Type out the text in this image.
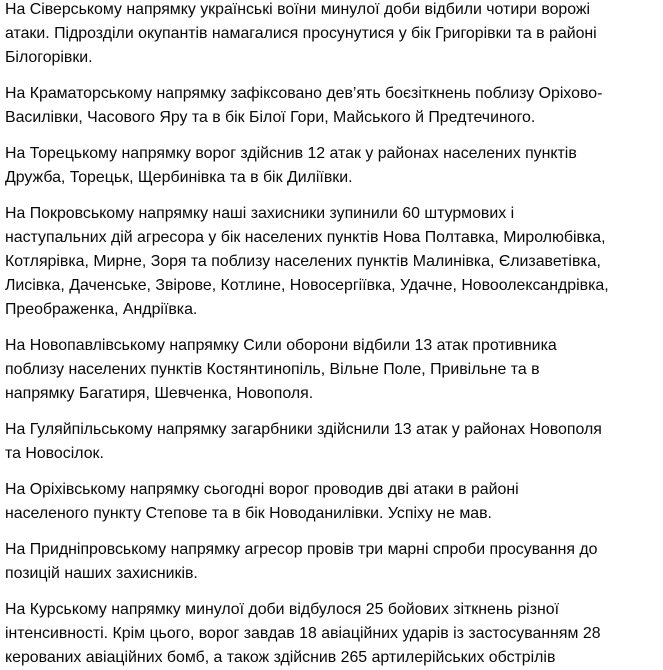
На Сіверському напрямку українські воїни минулої доби відбили чотири ворожі
атаки. Підрозділи окупантів намагалися просунутися у бік Григорівки та в районі
Білогорівки.

На Краматорському напрямку зафіксовано дев’ять боєзіткнень поблизу Оріхово-
Василівки, Часового Яру та в бік Білої Гори, Майського й Предтечиного.

На Торецькому напрямку ворог здійснив 12 атак у районах населених пунктів
Дружба, Торецьк, Щербинівка та в бік Диліївки.

На Покровському напрямку наші захисники зупинили 60 штурмових і
наступальних дій агресора у бік населених пунктів Нова Полтавка, Миролюбівка,
Котлярівка, Мирне, Зоря та поблизу населених пунктів Малинівка, Єлизаветівка,
Лисівка, Даченське, Звірове, Котлине, Новосергіївка, Удачне, Новоолександрівка,
Преображенка, Андріївка.

На Новопавлівському напрямку Сили оборони відбили 13 атак противника
поблизу населених пунктів Костянтинопіль, Вільне Поле, Привільне та в
напрямку Багатиря, Шевченка, Новополя.

На Гуляйпільському напрямку загарбники здійснили 13 атак у районах Новополя
та Новосілок.

На Оріхівському напрямку сьогодні ворог проводив дві атаки в районі
населеного пункту Степове та в бік Новоданилівки. Успіху не мав.

На Придніпровському напрямку агресор провів три марні спроби просування до
позицій наших захисників.

На Курському напрямку минулої доби відбулося 25 бойових зіткнень різної
інтенсивності. Крім цього, ворог завдав 18 авіаційних ударів із застосуванням 28
керованих авіаційних бомб, а також здійснив 265 артилерійських обстрілів
